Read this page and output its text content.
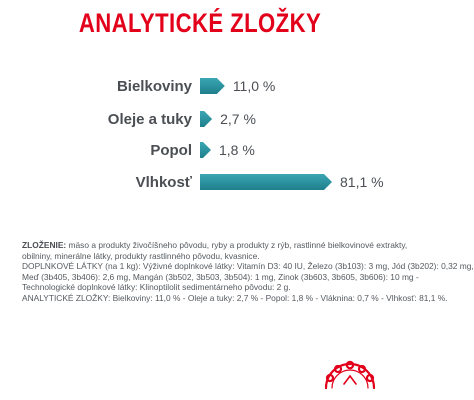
ANALYTICKÉ ZLOŽKY
Bielkoviny	11,0 %
Oleje a tuky 2,7 %
Popol 1,8 %
Vlhkosť	81,1 %
ZLOŽENIE: mäso a produkty živočíšneho pôvodu, ryby a produkty z rýb, rastlinné bielkovinové extrakty,
obilniny, minerálne látky, produkty rastlinného pôvodu, kvasnice.
DOPLNKOVÉ LÁTKY (na 1 kg): Výživné doplnkové látky: Vitamín D3: 40 IU, Železo (3b103): 3 mg, Jód (3b202): 0,32 mg,
Meď (3b405, 3b406): 2,6 mg, Mangán (3b502, 3b503, 3b504): 1 mg, Zinok (3b603, 3b605, 3b606): 10 mg -
Technologické doplnkové látky: Klinoptilolit sedimentárneho pôvodu: 2 g.
ANALYTICKÉ ZLOŽKY: Bielkoviny: 11,0 % - Oleje a tuky: 2,7 % - Popol: 1,8 % - Vláknina: 0,7 % - Vlhkosť: 81,1 %.
